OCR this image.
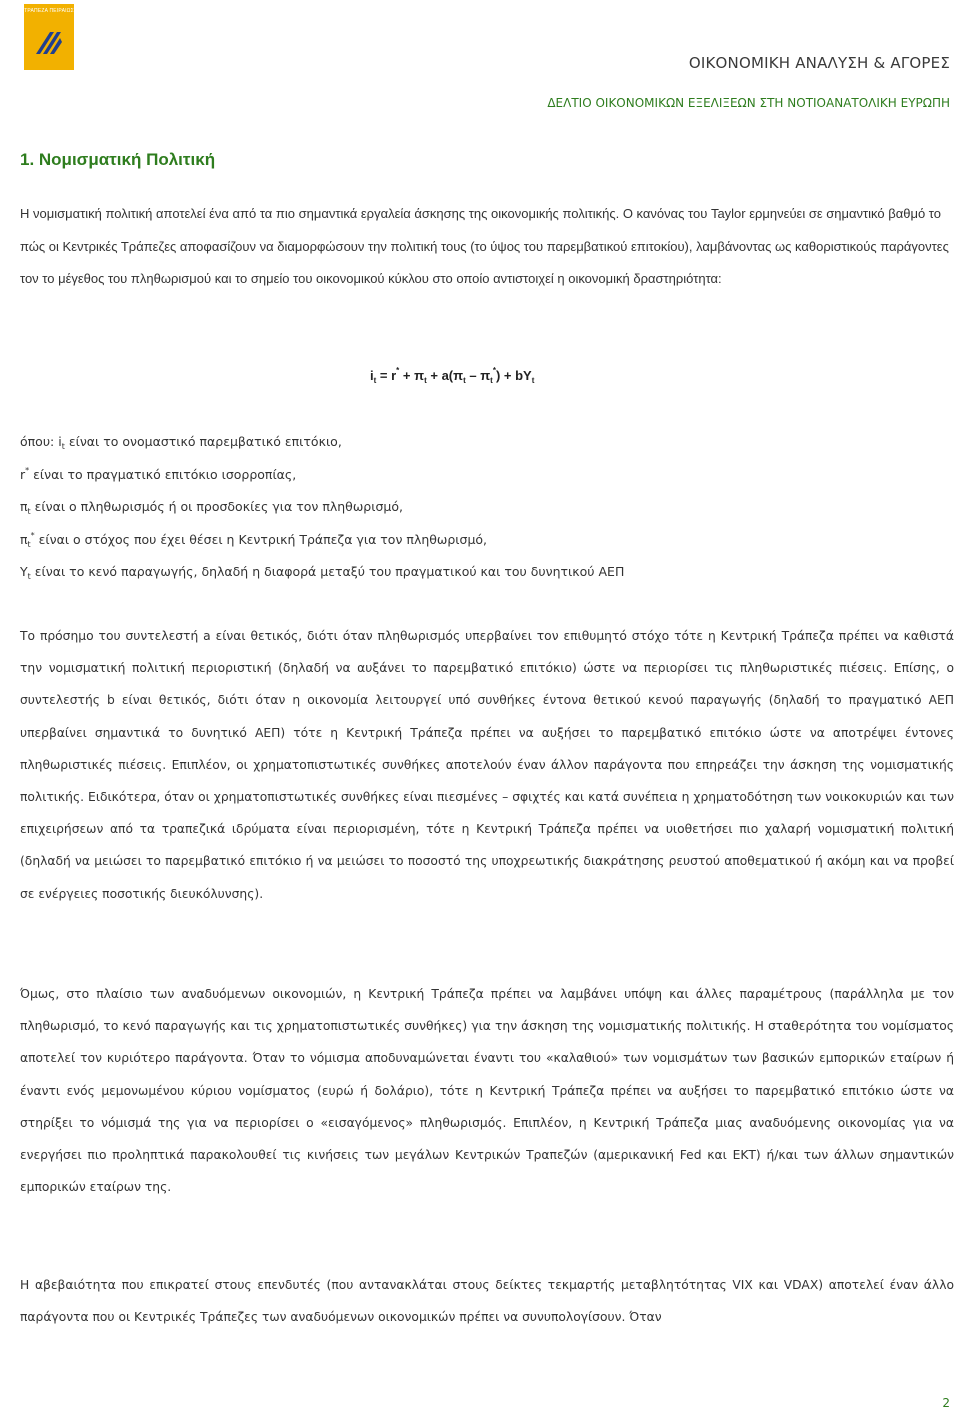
ΤΡΑΠΕΖΑ ΠΕΙΡΑΙΩΣ
ΟΙΚΟΝΟΜΙΚΗ ΑΝΑΛΥΣΗ & ΑΓΟΡΕΣ
ΔΕΛΤΙΟ ΟΙΚΟΝΟΜΙΚΩΝ ΕΞΕΛΙΞΕΩΝ ΣΤΗ ΝΟΤΙΟΑΝΑΤΟΛΙΚΗ ΕΥΡΩΠΗ
1. Νομισματική Πολιτική

Η νομισματική πολιτική αποτελεί ένα από τα πιο σημαντικά εργαλεία άσκησης της οικονομικής πολιτικής. Ο κανόνας του Taylor ερμηνεύει σε σημαντικό βαθμό το πώς οι Κεντρικές Τράπεζες αποφασίζουν να διαμορφώσουν την πολιτική τους (το ύψος του παρεμβατικού επιτοκίου), λαμβάνοντας ως καθοριστικούς παράγοντες τον το μέγεθος του πληθωρισμού και το σημείο του οικονομικού κύκλου στο οποίο αντιστοιχεί η οικονομική δραστηριότητα:

$i_t = r^* + \pi_t + a(\pi_t - \pi_t^*) + bY_t$
όπου: $i_t$ είναι το ονομαστικό παρεμβατικό επιτόκιο,
r* είναι το πραγματικό επιτόκιο ισορροπίας,
$\pi_t$ είναι ο πληθωρισμός ή οι προσδοκίες για τον πληθωρισμό,
$\pi_t^*$ είναι ο στόχος που έχει θέσει η Κεντρική Τράπεζα για τον πληθωρισμό,
$Y_t$ είναι το κενό παραγωγής, δηλαδή η διαφορά μεταξύ του πραγματικού και του δυνητικού ΑΕΠ

Το πρόσημο του συντελεστή a είναι θετικός, διότι όταν πληθωρισμός υπερβαίνει τον επιθυμητό στόχο τότε η Κεντρική Τράπεζα πρέπει να καθιστά την νομισματική πολιτική περιοριστική (δηλαδή να αυξάνει το παρεμβατικό επιτόκιο) ώστε να περιορίσει τις πληθωριστικές πιέσεις. Επίσης, ο συντελεστής b είναι θετικός, διότι όταν η οικονομία λειτουργεί υπό συνθήκες έντονα θετικού κενού παραγωγής (δηλαδή το πραγματικό ΑΕΠ υπερβαίνει σημαντικά το δυνητικό ΑΕΠ) τότε η Κεντρική Τράπεζα πρέπει να αυξήσει το παρεμβατικό επιτόκιο ώστε να αποτρέψει έντονες πληθωριστικές πιέσεις. Επιπλέον, οι χρηματοπιστωτικές συνθήκες αποτελούν έναν άλλον παράγοντα που επηρεάζει την άσκηση της νομισματικής πολιτικής. Ειδικότερα, όταν οι χρηματοπιστωτικές συνθήκες είναι πιεσμένες – σφιχτές και κατά συνέπεια η χρηματοδότηση των νοικοκυριών και των επιχειρήσεων από τα τραπεζικά ιδρύματα είναι περιορισμένη, τότε η Κεντρική Τράπεζα πρέπει να υιοθετήσει πιο χαλαρή νομισματική πολιτική (δηλαδή να μειώσει το παρεμβατικό επιτόκιο ή να μειώσει το ποσοστό της υποχρεωτικής διακράτησης ρευστού αποθεματικού ή ακόμη και να προβεί σε ενέργειες ποσοτικής διευκόλυνσης).

Όμως, στο πλαίσιο των αναδυόμενων οικονομιών, η Κεντρική Τράπεζα πρέπει να λαμβάνει υπόψη και άλλες παραμέτρους (παράλληλα με τον πληθωρισμό, το κενό παραγωγής και τις χρηματοπιστωτικές συνθήκες) για την άσκηση της νομισματικής πολιτικής. Η σταθερότητα του νομίσματος αποτελεί τον κυριότερο παράγοντα. Όταν το νόμισμα αποδυναμώνεται έναντι του «καλαθιού» των νομισμάτων των βασικών εμπορικών εταίρων ή έναντι ενός μεμονωμένου κύριου νομίσματος (ευρώ ή δολάριο), τότε η Κεντρική Τράπεζα πρέπει να αυξήσει το παρεμβατικό επιτόκιο ώστε να στηρίξει το νόμισμά της για να περιορίσει ο «εισαγόμενος» πληθωρισμός. Επιπλέον, η Κεντρική Τράπεζα μιας αναδυόμενης οικονομίας για να ενεργήσει πιο προληπτικά παρακολουθεί τις κινήσεις των μεγάλων Κεντρικών Τραπεζών (αμερικανική Fed και ΕΚΤ) ή/και των άλλων σημαντικών εμπορικών εταίρων της.

Η αβεβαιότητα που επικρατεί στους επενδυτές (που αντανακλάται στους δείκτες τεκμαρτής μεταβλητότητας VIX και VDAX) αποτελεί έναν άλλο παράγοντα που οι Κεντρικές Τράπεζες των αναδυόμενων οικονομικών πρέπει να συνυπολογίσουν. Όταν

2
